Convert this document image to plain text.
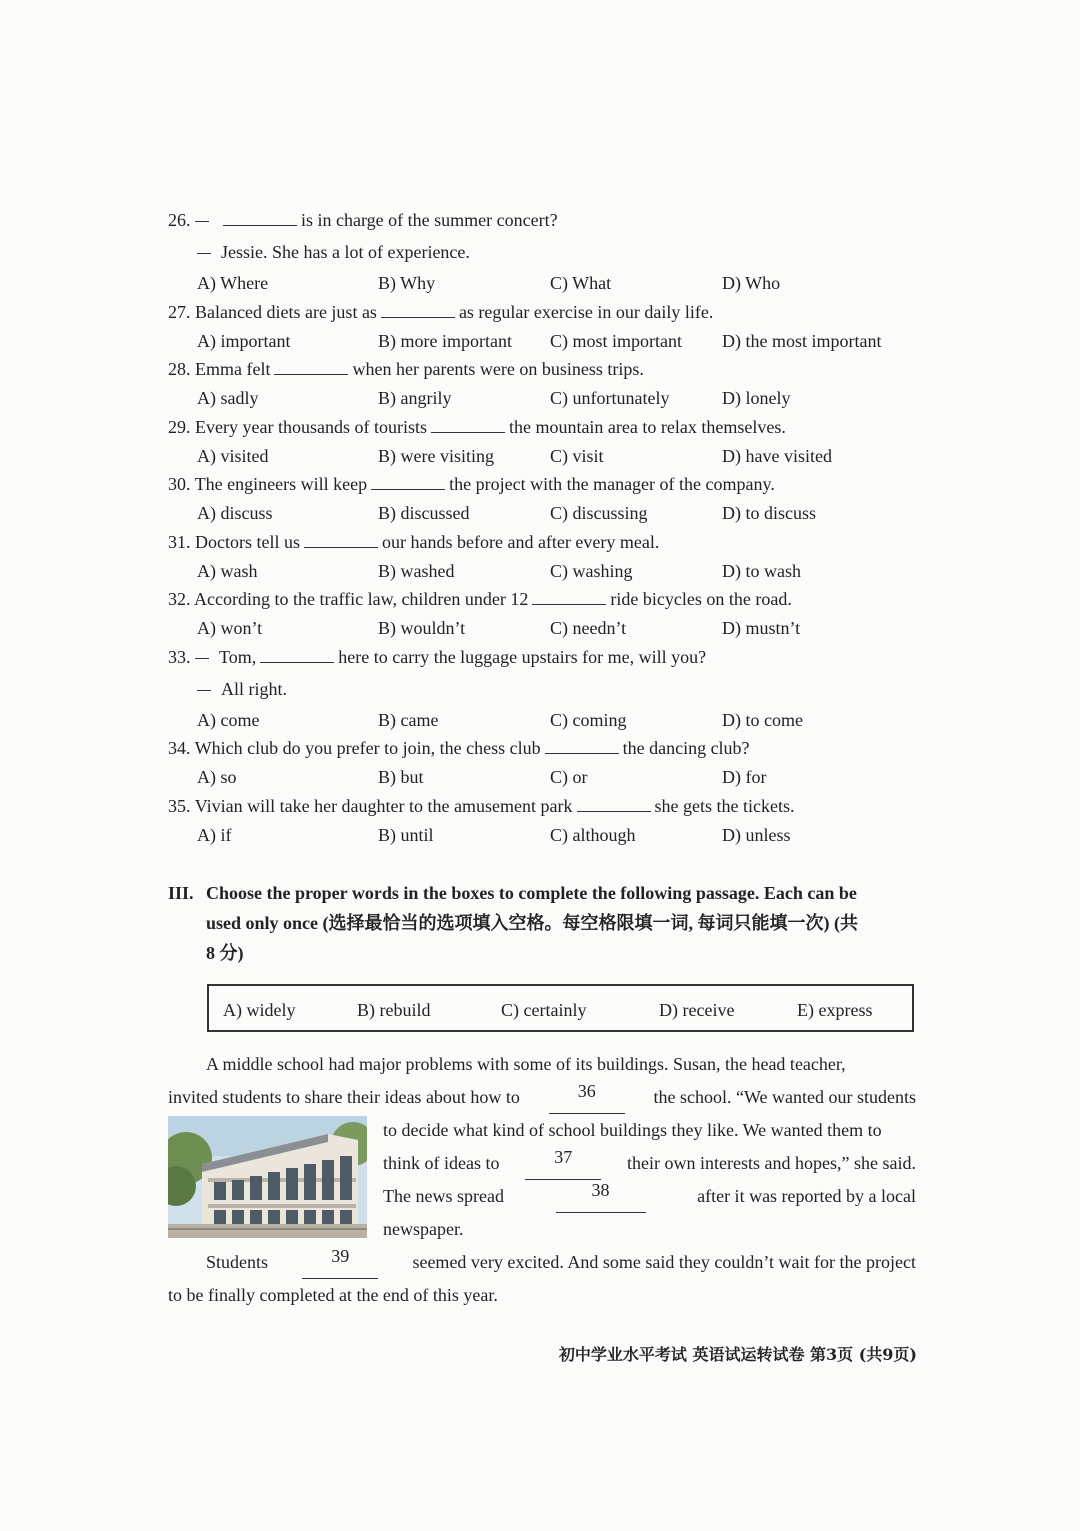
26.	is in charge of the summer concert?
Jessie. She has a lot of experience.
A) Where	B) Why	C) What	D) Who
27. Balanced diets are just as	as regular exercise in our daily life.
A) important	B) more important C) most important D) the most important
28. Emma felt	when her parents were on business trips.
A) sadly	B) angrily	C) unfortunately	D) lonely
29. Every year thousands of tourists	the mountain area to relax themselves.
A) visited	B) were visiting	C) visit	D) have visited
30. The engineers will keep	the project with the manager of the company.
A) discuss	B) discussed	C) discussing	D) to discuss
31. Doctors tell us	our hands before and after every meal.
A) wash	B) washed	C) washing	D) to wash
32. According to the traffic law, children under 12	ride bicycles on the road.
A) won’t	B) wouldn’t	C) needn’t	D) mustn’t
33. Tom,	here to carry the luggage upstairs for me, will you?
All right.
A) come	B) came	C) coming	D) to come
34. Which club do you prefer to join, the chess club	the dancing club?
A) so	B) but	C) or	D) for
35. Vivian will take her daughter to the amusement park	she gets the tickets.
A) if	B) until	C) although	D) unless
III. Choose the proper words in the boxes to complete the following passage. Each can be
used only once (选择最恰当的选项填入空格。每空格限填一词, 每词只能填一次) (共
8 分)
A) widely	B) rebuild	C) certainly	D) receive	E) express
A middle school had major problems with some of its buildings. Susan, the head teacher,
invited students to share their ideas about how to	36	the school. “We wanted our students
to decide what kind of school buildings they like. We wanted them to
think of ideas to	37	their own interests and hopes,” she said.
The news spread	38	after it was reported by a local
newspaper.
Students	39	seemed very excited. And some said they couldn’t wait for the project
to be finally completed at the end of this year.
初中学业水平考试 英语试运转试卷 第3页 (共9页)
